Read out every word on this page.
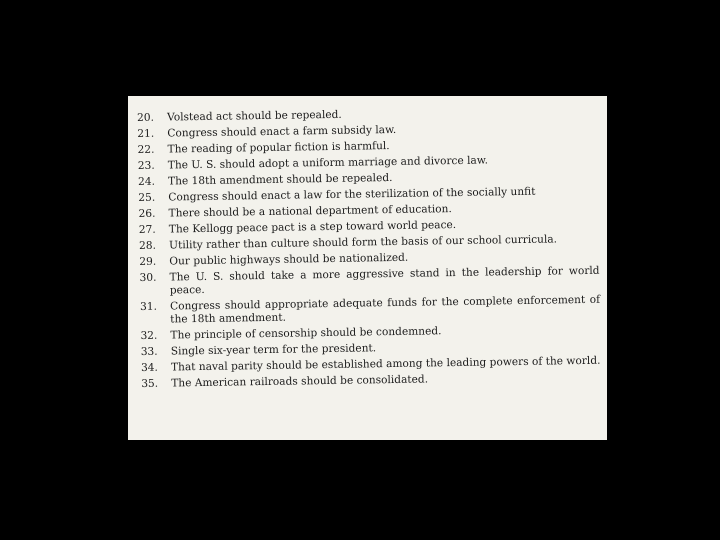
20.	Volstead act should be repealed.
21.	Congress should enact a farm subsidy law.
22.	The reading of popular fiction is harmful.
23.	The U. S. should adopt a uniform marriage and divorce law.
24.	The 18th amendment should be repealed.
25.	Congress should enact a law for the sterilization of the socially unfit
26.	There should be a national department of education.
27.	The Kellogg peace pact is a step toward world peace.
28.	Utility rather than culture should form the basis of our school curricula.
29.	Our public highways should be nationalized.
30.	The U. S. should take a more aggressive stand in the leadership for world peace.
31.	Congress should appropriate adequate funds for the complete enforcement of the 18th amendment.
32.	The principle of censorship should be condemned.
33.	Single six-year term for the president.
34.	That naval parity should be established among the leading powers of the world.
35.	The American railroads should be consolidated.
